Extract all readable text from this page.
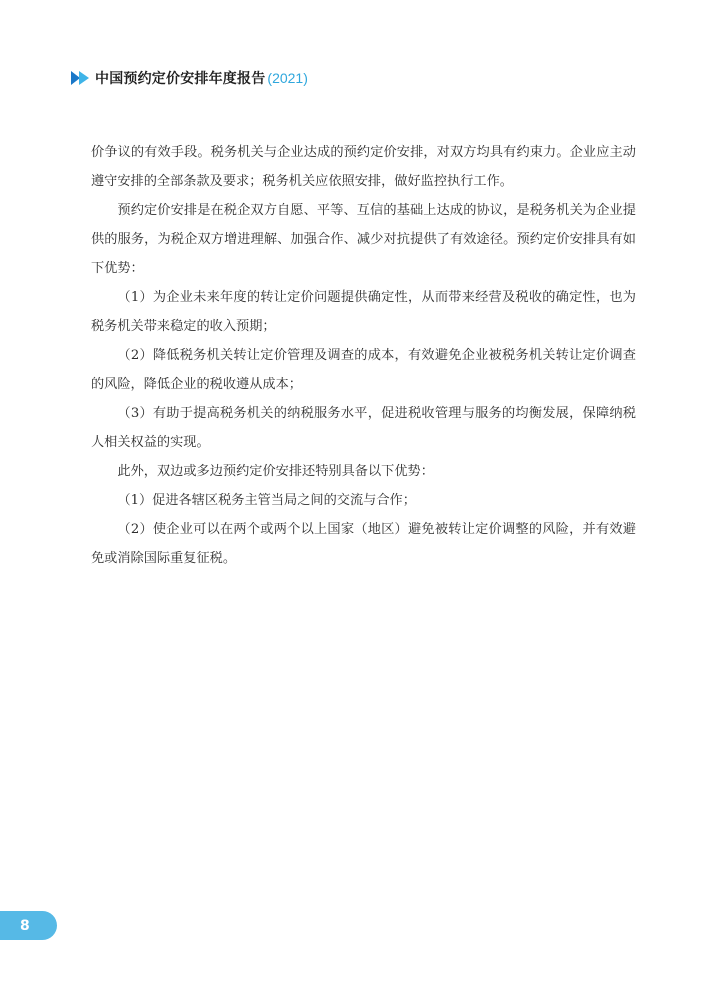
中国预约定价安排年度报告 (2021)

价争议的有效手段。税务机关与企业达成的预约定价安排，对双方均具有约束力。企业应主动遵守安排的全部条款及要求；税务机关应依照安排，做好监控执行工作。

预约定价安排是在税企双方自愿、平等、互信的基础上达成的协议，是税务机关为企业提供的服务，为税企双方增进理解、加强合作、减少对抗提供了有效途径。预约定价安排具有如下优势：

（1）为企业未来年度的转让定价问题提供确定性，从而带来经营及税收的确定性，也为税务机关带来稳定的收入预期；

（2）降低税务机关转让定价管理及调查的成本，有效避免企业被税务机关转让定价调查的风险，降低企业的税收遵从成本；

（3）有助于提高税务机关的纳税服务水平，促进税收管理与服务的均衡发展，保障纳税人相关权益的实现。

此外，双边或多边预约定价安排还特别具备以下优势：

（1）促进各辖区税务主管当局之间的交流与合作；

（2）使企业可以在两个或两个以上国家（地区）避免被转让定价调整的风险，并有效避免或消除国际重复征税。

8
